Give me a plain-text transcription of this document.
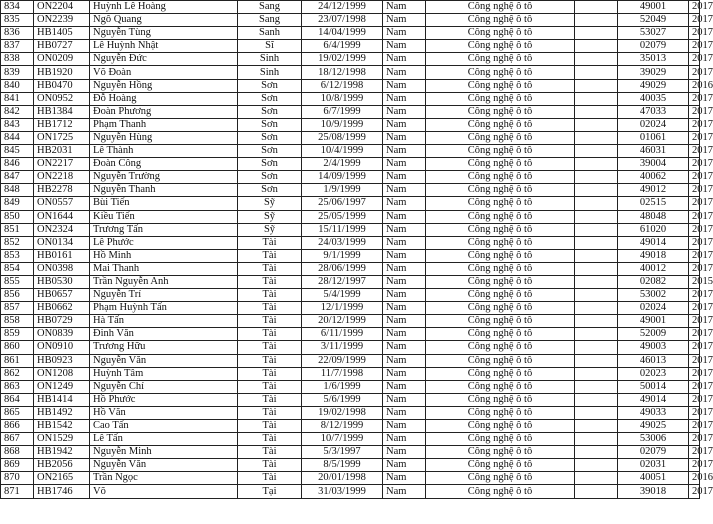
834	ON2204	Huỳnh Lê Hoàng	Sang	24/12/1999	Nam	Công nghệ ô tô		49001	2017
835	ON2239	Ngô Quang	Sang	23/07/1998	Nam	Công nghệ ô tô		52049	2017
836	HB1405	Nguyễn Tùng	Sanh	14/04/1999	Nam	Công nghệ ô tô		53027	2017
837	HB0727	Lê Huỳnh Nhật	Sĩ	6/4/1999	Nam	Công nghệ ô tô		02079	2017
838	ON0209	Nguyễn Đức	Sinh	19/02/1999	Nam	Công nghệ ô tô		35013	2017
839	HB1920	Võ Đoàn	Sinh	18/12/1998	Nam	Công nghệ ô tô		39029	2017
840	HB0470	Nguyễn Hồng	Sơn	6/12/1998	Nam	Công nghệ ô tô		49029	2016
841	ON0952	Đỗ Hoàng	Sơn	10/8/1999	Nam	Công nghệ ô tô		40035	2017
842	HB1384	Đoàn Phương	Sơn	6/7/1999	Nam	Công nghệ ô tô		47033	2017
843	HB1712	Phạm Thanh	Sơn	10/9/1999	Nam	Công nghệ ô tô		02024	2017
844	ON1725	Nguyễn Hùng	Sơn	25/08/1999	Nam	Công nghệ ô tô		01061	2017
845	HB2031	Lê Thành	Sơn	10/4/1999	Nam	Công nghệ ô tô		46031	2017
846	ON2217	Đoàn Công	Sơn	2/4/1999	Nam	Công nghệ ô tô		39004	2017
847	ON2218	Nguyễn Trường	Sơn	14/09/1999	Nam	Công nghệ ô tô		40062	2017
848	HB2278	Nguyễn Thanh	Sơn	1/9/1999	Nam	Công nghệ ô tô		49012	2017
849	ON0557	Bùi Tiến	Sỹ	25/06/1997	Nam	Công nghệ ô tô		02515	2017
850	ON1644	Kiều Tiến	Sỹ	25/05/1999	Nam	Công nghệ ô tô		48048	2017
851	ON2324	Trương Tấn	Sỹ	15/11/1999	Nam	Công nghệ ô tô		61020	2017
852	ON0134	Lê Phước	Tài	24/03/1999	Nam	Công nghệ ô tô		49014	2017
853	HB0161	Hồ Minh	Tài	9/1/1999	Nam	Công nghệ ô tô		49018	2017
854	ON0398	Mai Thanh	Tài	28/06/1999	Nam	Công nghệ ô tô		40012	2017
855	HB0530	Trần Nguyễn Anh	Tài	28/12/1997	Nam	Công nghệ ô tô		02082	2015
856	HB0657	Nguyễn Trí	Tài	5/4/1999	Nam	Công nghệ ô tô		53002	2017
857	HB0662	Phạm Huỳnh Tấn	Tài	12/1/1999	Nam	Công nghệ ô tô		02024	2017
858	HB0729	Hà Tấn	Tài	20/12/1999	Nam	Công nghệ ô tô		49001	2017
859	ON0839	Đinh Văn	Tài	6/11/1999	Nam	Công nghệ ô tô		52009	2017
860	ON0910	Trương Hữu	Tài	3/11/1999	Nam	Công nghệ ô tô		49003	2017
861	HB0923	Nguyễn Văn	Tài	22/09/1999	Nam	Công nghệ ô tô		46013	2017
862	ON1208	Huỳnh Tâm	Tài	11/7/1998	Nam	Công nghệ ô tô		02023	2017
863	ON1249	Nguyễn Chí	Tài	1/6/1999	Nam	Công nghệ ô tô		50014	2017
864	HB1414	Hồ Phước	Tài	5/6/1999	Nam	Công nghệ ô tô		49014	2017
865	HB1492	Hồ Văn	Tài	19/02/1998	Nam	Công nghệ ô tô		49033	2017
866	HB1542	Cao Tấn	Tài	8/12/1999	Nam	Công nghệ ô tô		49025	2017
867	ON1529	Lê Tấn	Tài	10/7/1999	Nam	Công nghệ ô tô		53006	2017
868	HB1942	Nguyễn Minh	Tài	5/3/1997	Nam	Công nghệ ô tô		02079	2017
869	HB2056	Nguyễn Văn	Tài	8/5/1999	Nam	Công nghệ ô tô		02031	2017
870	ON2165	Trần Ngọc	Tài	20/01/1998	Nam	Công nghệ ô tô		40051	2016
871	HB1746	Võ	Tại	31/03/1999	Nam	Công nghệ ô tô		39018	2017
